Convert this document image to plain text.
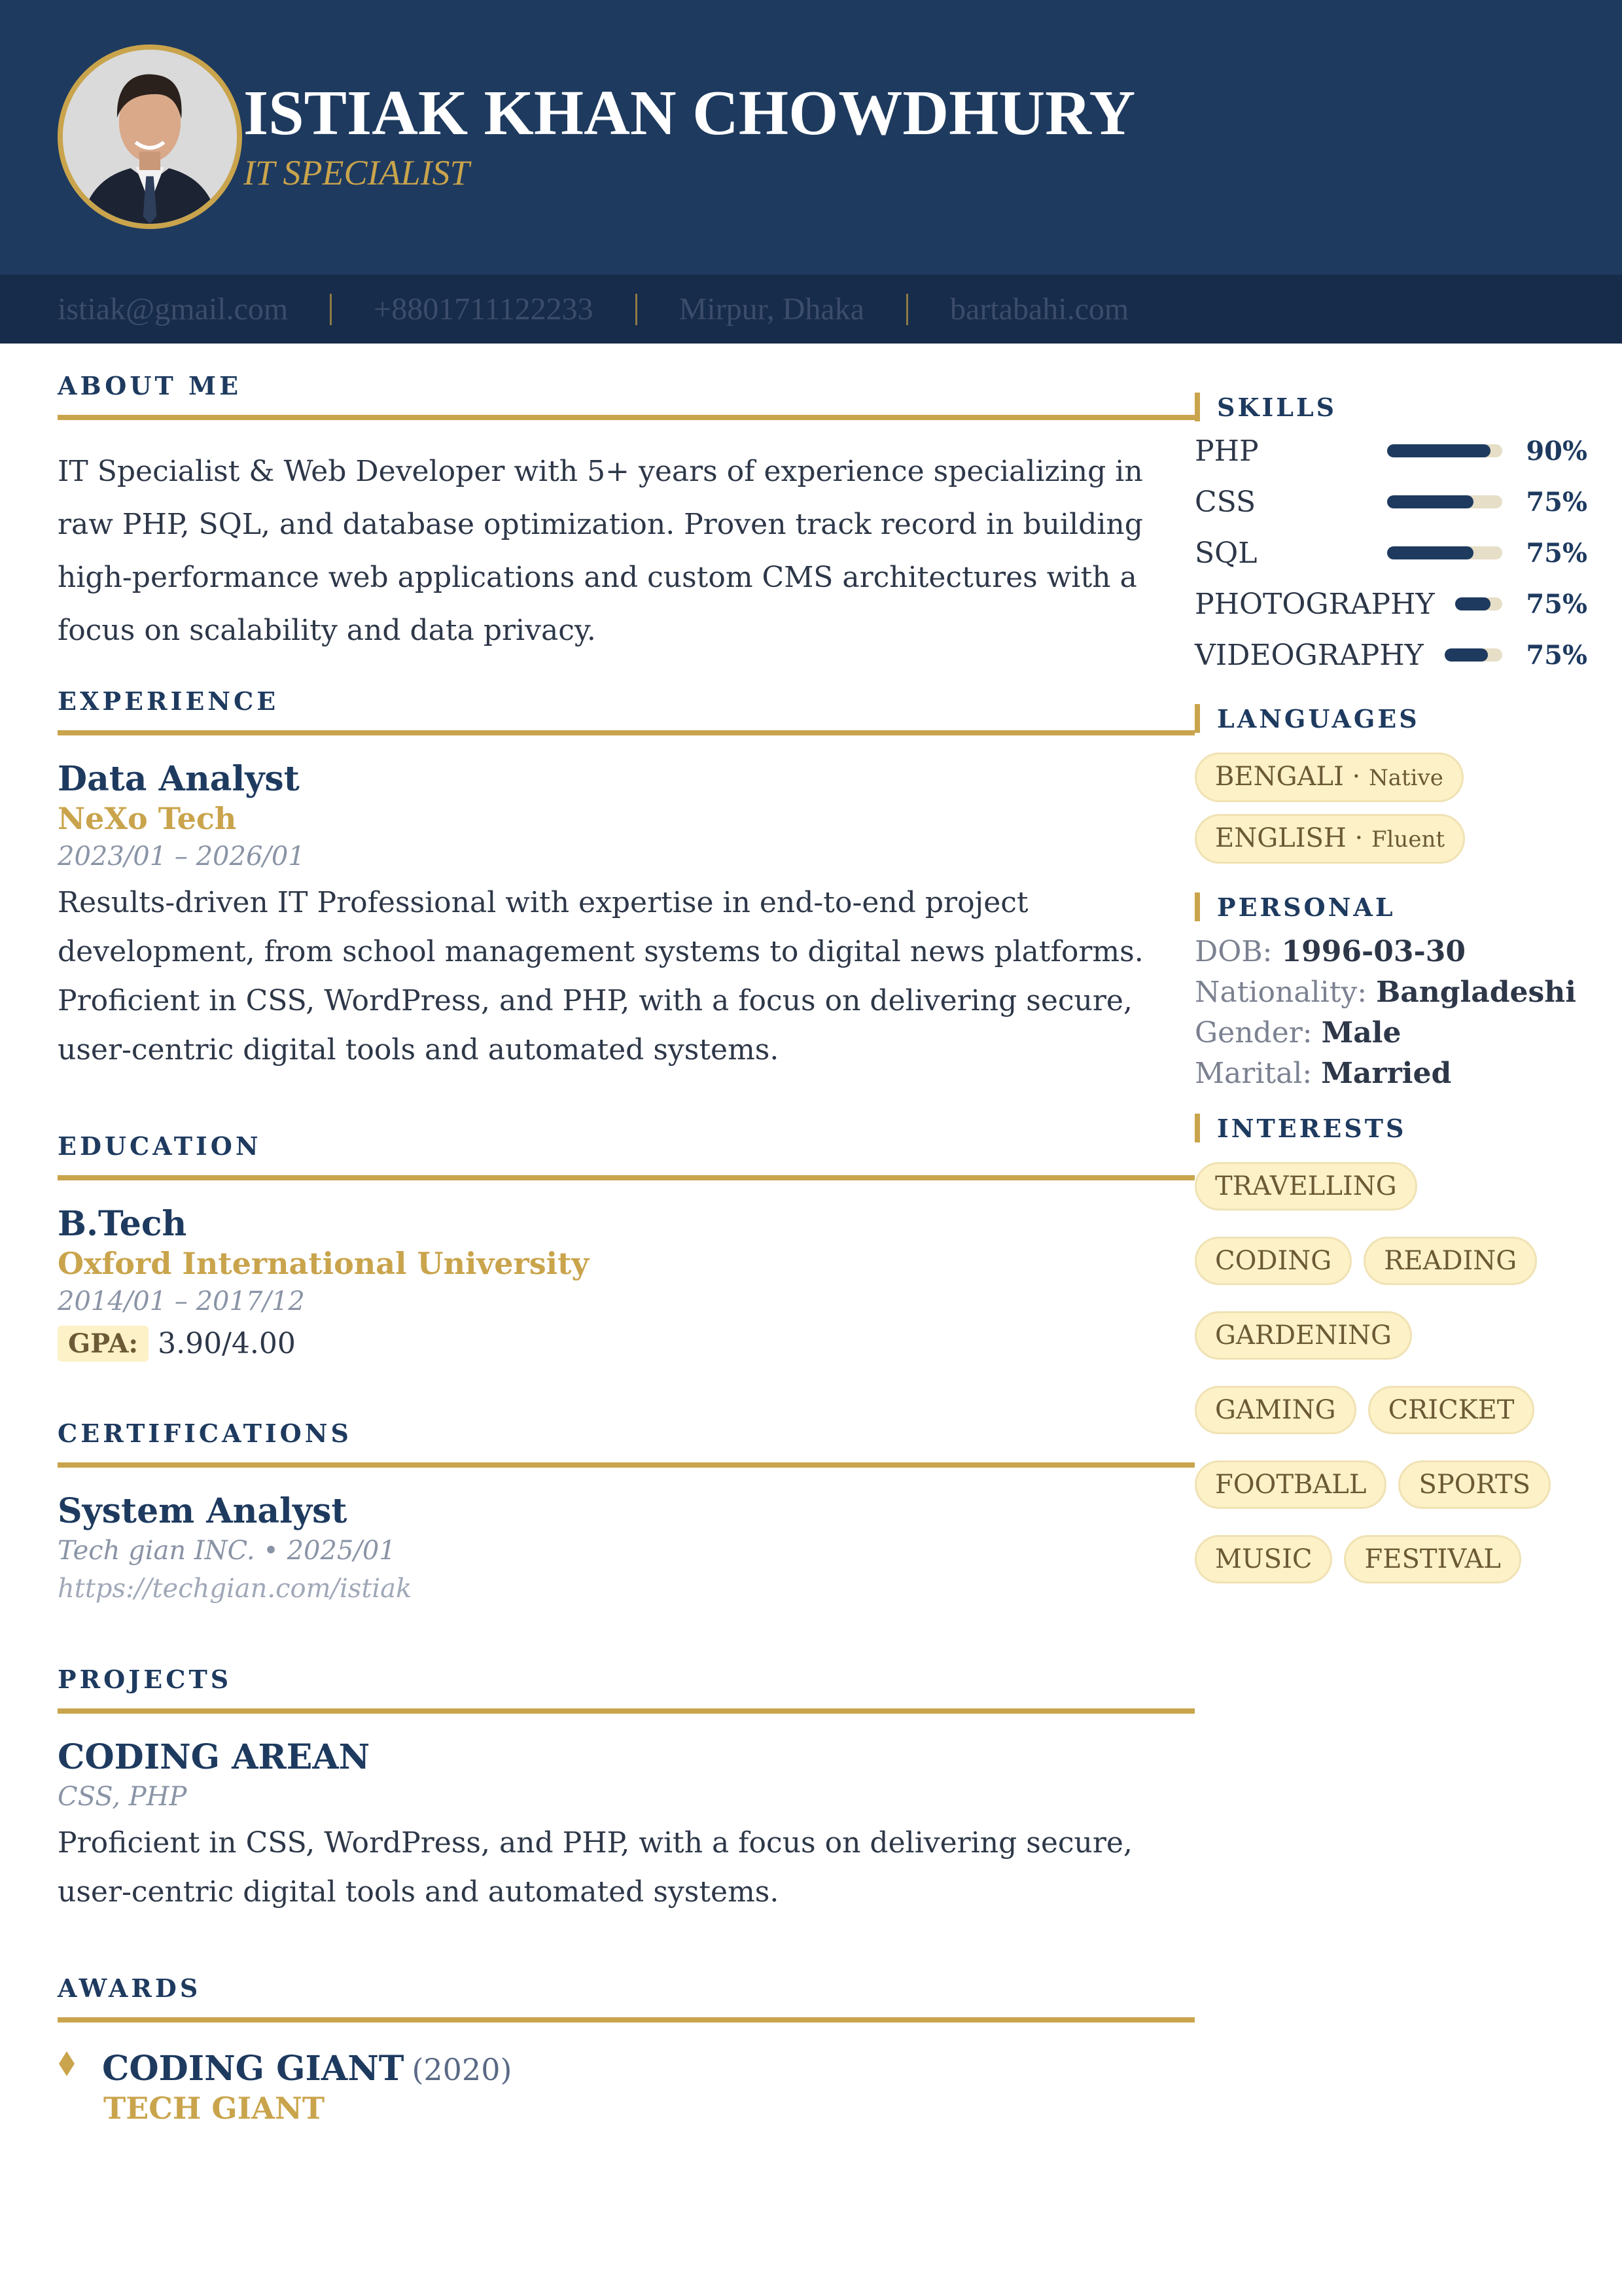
ISTIAK KHAN CHOWDHURY
IT SPECIALIST
istiak@gmail.com	+8801711122233	Mirpur, Dhaka	bartabahi.com
ABOUT ME
IT Specialist & Web Developer with 5+ years of experience specializing in raw PHP, SQL, and database optimization. Proven track record in building high-performance web applications and custom CMS architectures with a focus on scalability and data privacy.
EXPERIENCE
Data Analyst
NeXo Tech
2023/01 – 2026/01
Results-driven IT Professional with expertise in end-to-end project development, from school management systems to digital news platforms. Proficient in CSS, WordPress, and PHP, with a focus on delivering secure, user-centric digital tools and automated systems.
EDUCATION
B.Tech
Oxford International University
2014/01 – 2017/12
GPA: 3.90/4.00
CERTIFICATIONS
System Analyst
Tech gian INC. • 2025/01
https://techgian.com/istiak
PROJECTS
CODING AREAN
CSS, PHP
Proficient in CSS, WordPress, and PHP, with a focus on delivering secure, user-centric digital tools and automated systems.
AWARDS
CODING GIANT (2020)
TECH GIANT
SKILLS
PHP	90%
CSS	75%
SQL	75%
PHOTOGRAPHY	75%
VIDEOGRAPHY	75%
LANGUAGES
BENGALI · Native
ENGLISH · Fluent
PERSONAL
DOB: 1996-03-30
Nationality: Bangladeshi
Gender: Male
Marital: Married
INTERESTS
TRAVELLING
CODING	READING
GARDENING
GAMING	CRICKET
FOOTBALL	SPORTS
MUSIC	FESTIVAL
